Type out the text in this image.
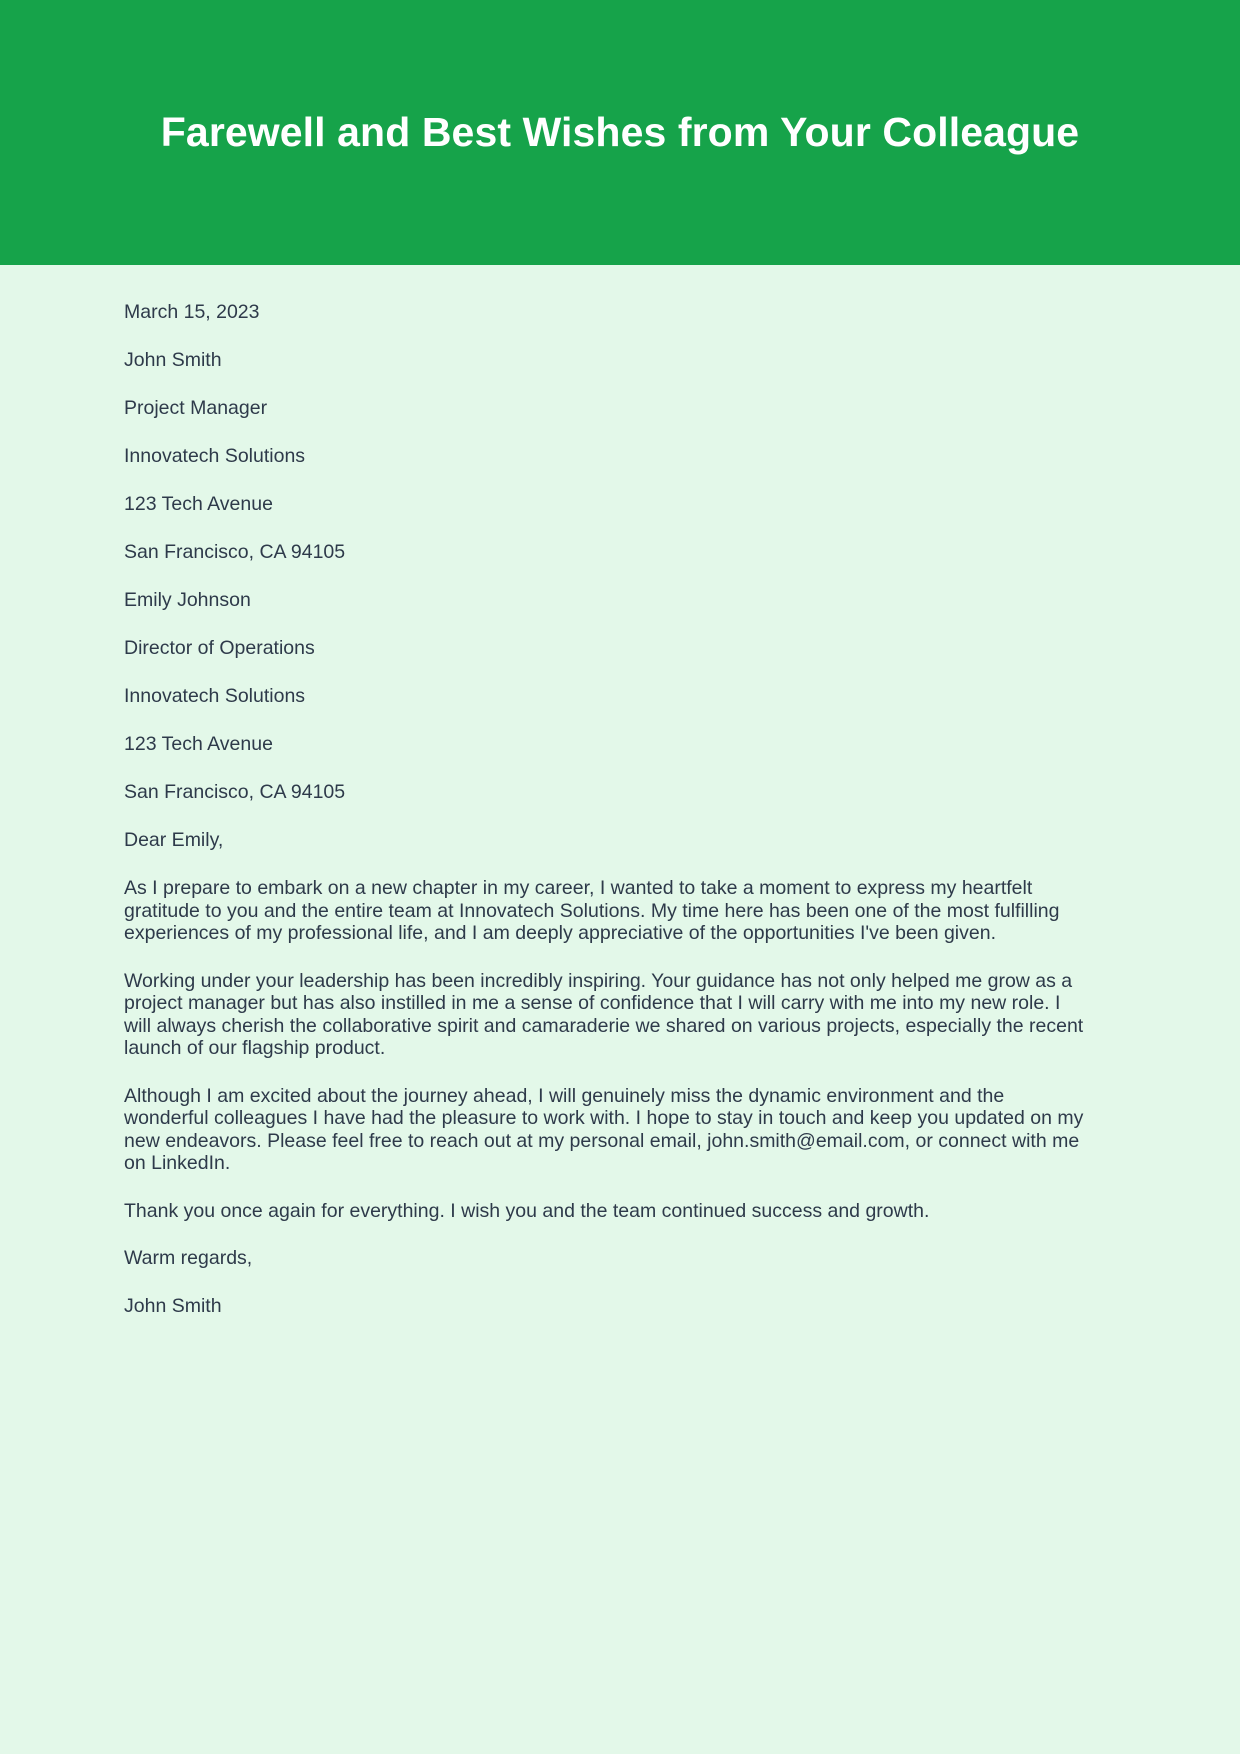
Farewell and Best Wishes from Your Colleague

March 15, 2023

John Smith

Project Manager

Innovatech Solutions

123 Tech Avenue

San Francisco, CA 94105

Emily Johnson

Director of Operations

Innovatech Solutions

123 Tech Avenue

San Francisco, CA 94105

Dear Emily,

As I prepare to embark on a new chapter in my career, I wanted to take a moment to express my heartfelt gratitude to you and the entire team at Innovatech Solutions. My time here has been one of the most fulfilling experiences of my professional life, and I am deeply appreciative of the opportunities I've been given.

Working under your leadership has been incredibly inspiring. Your guidance has not only helped me grow as a project manager but has also instilled in me a sense of confidence that I will carry with me into my new role. I will always cherish the collaborative spirit and camaraderie we shared on various projects, especially the recent launch of our flagship product.

Although I am excited about the journey ahead, I will genuinely miss the dynamic environment and the wonderful colleagues I have had the pleasure to work with. I hope to stay in touch and keep you updated on my new endeavors. Please feel free to reach out at my personal email, john.smith@email.com, or connect with me on LinkedIn.

Thank you once again for everything. I wish you and the team continued success and growth.

Warm regards,

John Smith
